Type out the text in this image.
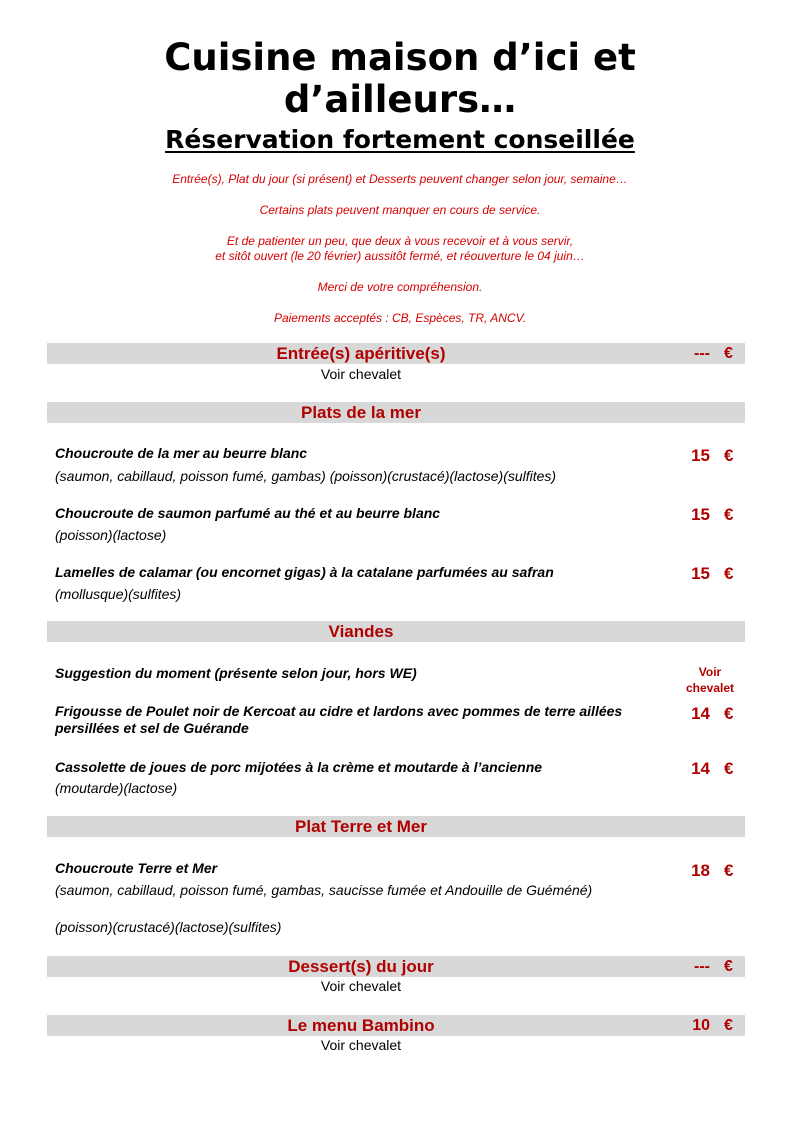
Cuisine maison d’ici et
d’ailleurs…
Réservation fortement conseillée
Entrée(s), Plat du jour (si présent) et Desserts peuvent changer selon jour, semaine…
Certains plats peuvent manquer en cours de service.
Et de patienter un peu, que deux à vous recevoir et à vous servir,
et sitôt ouvert (le 20 février) aussitôt fermé, et réouverture le 04 juin…
Merci de votre compréhension.
Paiements acceptés : CB, Espèces, TR, ANCV.
Entrée(s) apéritive(s)	--- €
Voir chevalet
Plats de la mer
Choucroute de la mer au beurre blanc
(saumon, cabillaud, poisson fumé, gambas) (poisson)(crustacé)(lactose)(sulfites)
15 €
Choucroute de saumon parfumé au thé et au beurre blanc
(poisson)(lactose)
15 €
Lamelles de calamar (ou encornet gigas) à la catalane parfumées au safran
(mollusque)(sulfites)
15 €
Viandes
Suggestion du moment (présente selon jour, hors WE)	Voir
chevalet
Frigousse de Poulet noir de Kercoat au cidre et lardons avec pommes de terre aillées persillées et sel de Guérande
14 €
Cassolette de joues de porc mijotées à la crème et moutarde à l’ancienne
(moutarde)(lactose)
14 €
Plat Terre et Mer
Choucroute Terre et Mer
(saumon, cabillaud, poisson fumé, gambas, saucisse fumée et Andouille de Guéméné)
(poisson)(crustacé)(lactose)(sulfites)
18 €
Dessert(s) du jour	--- €
Voir chevalet
Le menu Bambino	10 €
Voir chevalet
